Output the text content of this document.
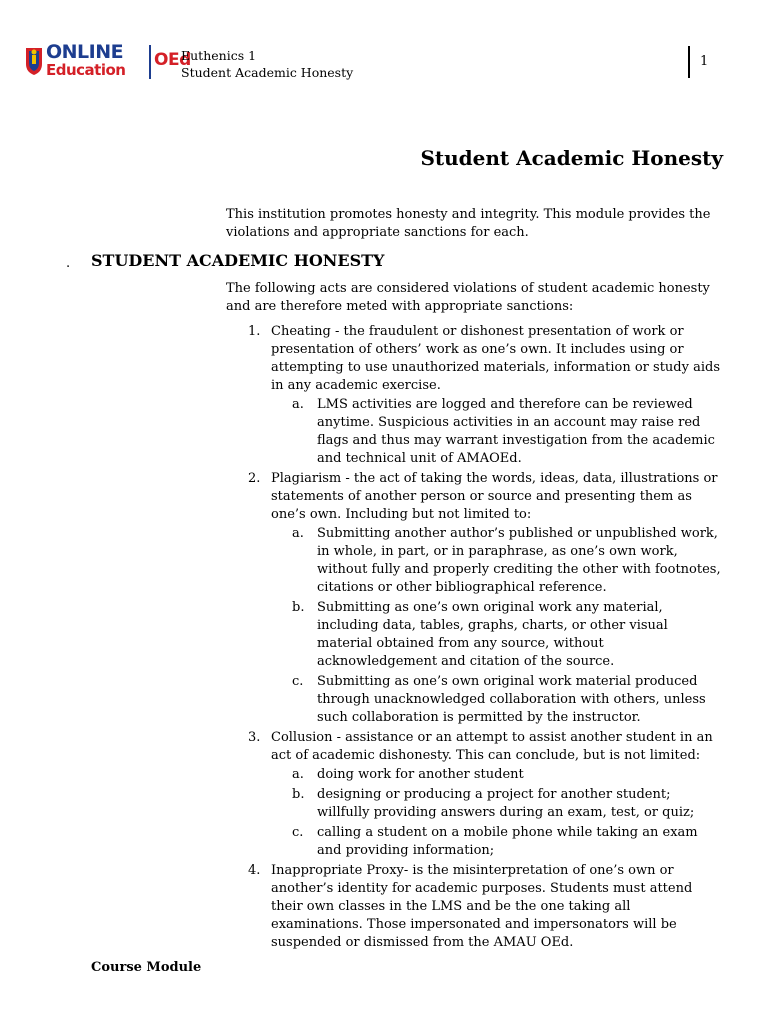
ONLINE
Education OEd
Euthenics 1
Student Academic Honesty
1
Student Academic Honesty
This institution promotes honesty and integrity. This module provides the violations and appropriate sanctions for each.
. STUDENT ACADEMIC HONESTY
The following acts are considered violations of student academic honesty and are therefore meted with appropriate sanctions:
1. Cheating - the fraudulent or dishonest presentation of work or presentation of others’ work as one’s own. It includes using or attempting to use unauthorized materials, information or study aids in any academic exercise.
a. LMS activities are logged and therefore can be reviewed anytime. Suspicious activities in an account may raise red flags and thus may warrant investigation from the academic and technical unit of AMAOEd.
2. Plagiarism - the act of taking the words, ideas, data, illustrations or statements of another person or source and presenting them as one’s own. Including but not limited to:
a. Submitting another author’s published or unpublished work, in whole, in part, or in paraphrase, as one’s own work, without fully and properly crediting the other with footnotes, citations or other bibliographical reference.
b. Submitting as one’s own original work any material, including data, tables, graphs, charts, or other visual material obtained from any source, without acknowledgement and citation of the source.
c. Submitting as one’s own original work material produced through unacknowledged collaboration with others, unless such collaboration is permitted by the instructor.
3. Collusion - assistance or an attempt to assist another student in an act of academic dishonesty. This can conclude, but is not limited:
a. doing work for another student
b. designing or producing a project for another student; willfully providing answers during an exam, test, or quiz;
c. calling a student on a mobile phone while taking an exam and providing information;
4. Inappropriate Proxy- is the misinterpretation of one’s own or another’s identity for academic purposes. Students must attend their own classes in the LMS and be the one taking all examinations. Those impersonated and impersonators will be suspended or dismissed from the AMAU OEd.
Course Module
